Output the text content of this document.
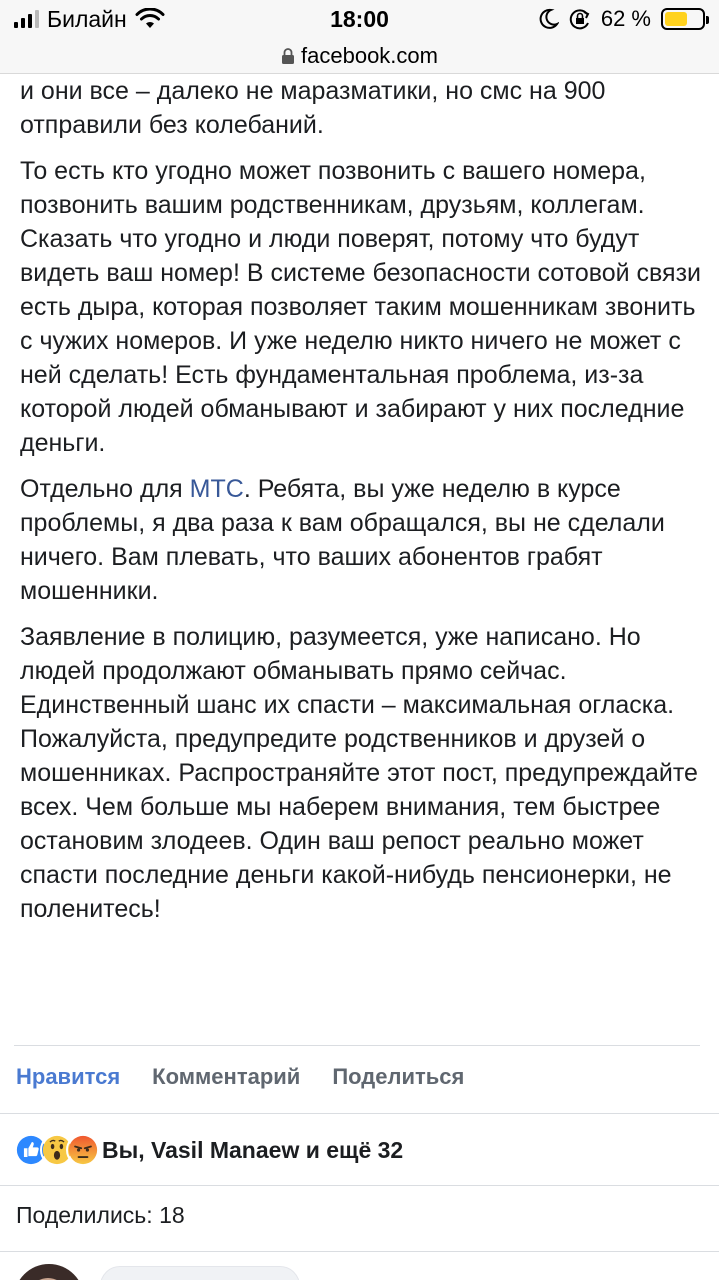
Билайн	18:00	62 %
facebook.com

и они все – далеко не маразматики, но смс на 900 отправили без колебаний.

То есть кто угодно может позвонить с вашего номера, позвонить вашим родственникам, друзьям, коллегам. Сказать что угодно и люди поверят, потому что будут видеть ваш номер! В системе безопасности сотовой связи есть дыра, которая позволяет таким мошенникам звонить с чужих номеров. И уже неделю никто ничего не может с ней сделать! Есть фундаментальная проблема, из-за которой людей обманывают и забирают у них последние деньги.

Отдельно для МТС. Ребята, вы уже неделю в курсе проблемы, я два раза к вам обращался, вы не сделали ничего. Вам плевать, что ваших абонентов грабят мошенники.

Заявление в полицию, разумеется, уже написано. Но людей продолжают обманывать прямо сейчас. Единственный шанс их спасти – максимальная огласка. Пожалуйста, предупредите родственников и друзей о мошенниках. Распространяйте этот пост, предупреждайте всех. Чем больше мы наберем внимания, тем быстрее остановим злодеев. Один ваш репост реально может спасти последние деньги какой-нибудь пенсионерки, не поленитесь!

Нравится Комментарий Поделиться
Вы, Vasil Manaew и ещё 32
Поделились: 18
